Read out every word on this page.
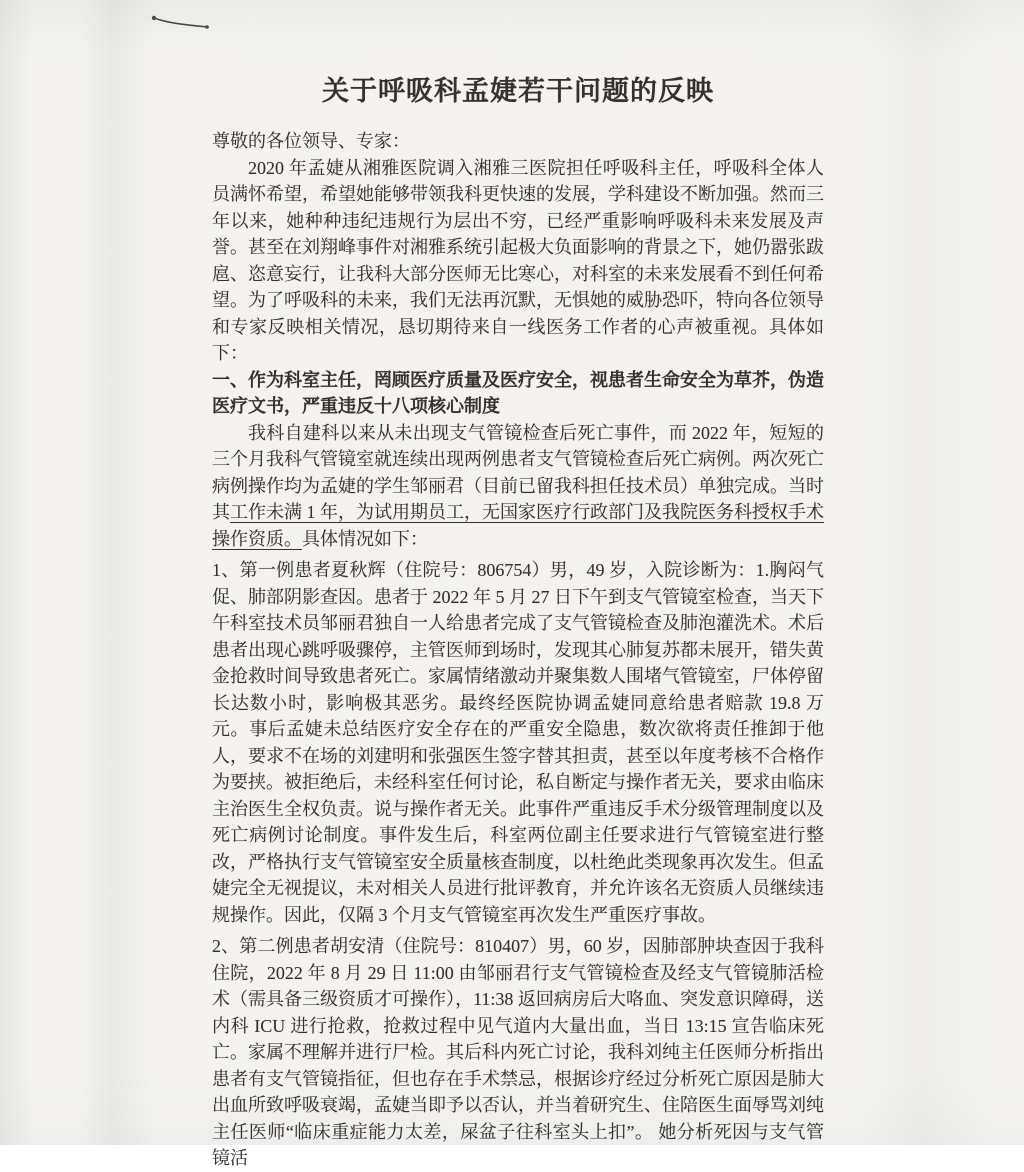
关于呼吸科孟婕若干问题的反映

尊敬的各位领导、专家：

2020 年孟婕从湘雅医院调入湘雅三医院担任呼吸科主任，呼吸科全体人员满怀希望，希望她能够带领我科更快速的发展，学科建设不断加强。然而三年以来，她种种违纪违规行为层出不穷，已经严重影响呼吸科未来发展及声誉。甚至在刘翔峰事件对湘雅系统引起极大负面影响的背景之下，她仍嚣张跋扈、恣意妄行，让我科大部分医师无比寒心，对科室的未来发展看不到任何希望。为了呼吸科的未来，我们无法再沉默，无惧她的威胁恐吓，特向各位领导和专家反映相关情况，恳切期待来自一线医务工作者的心声被重视。具体如下：

一、作为科室主任，罔顾医疗质量及医疗安全，视患者生命安全为草芥，伪造医疗文书，严重违反十八项核心制度

我科自建科以来从未出现支气管镜检查后死亡事件，而 2022 年，短短的三个月我科气管镜室就连续出现两例患者支气管镜检查后死亡病例。两次死亡病例操作均为孟婕的学生邹丽君（目前已留我科担任技术员）单独完成。当时其工作未满 1 年，为试用期员工，无国家医疗行政部门及我院医务科授权手术操作资质。具体情况如下：

1、第一例患者夏秋辉（住院号：806754）男，49 岁，入院诊断为：1.胸闷气促、肺部阴影查因。患者于 2022 年 5 月 27 日下午到支气管镜室检查，当天下午科室技术员邹丽君独自一人给患者完成了支气管镜检查及肺泡灌洗术。术后患者出现心跳呼吸骤停，主管医师到场时，发现其心肺复苏都未展开，错失黄金抢救时间导致患者死亡。家属情绪激动并聚集数人围堵气管镜室，尸体停留长达数小时，影响极其恶劣。最终经医院协调孟婕同意给患者赔款 19.8 万元。事后孟婕未总结医疗安全存在的严重安全隐患，数次欲将责任推卸于他人，要求不在场的刘建明和张强医生签字替其担责，甚至以年度考核不合格作为要挟。被拒绝后，未经科室任何讨论，私自断定与操作者无关，要求由临床主治医生全权负责。说与操作者无关。此事件严重违反手术分级管理制度以及死亡病例讨论制度。事件发生后，科室两位副主任要求进行气管镜室进行整改，严格执行支气管镜室安全质量核查制度，以杜绝此类现象再次发生。但孟婕完全无视提议，未对相关人员进行批评教育，并允许该名无资质人员继续违规操作。因此，仅隔 3 个月支气管镜室再次发生严重医疗事故。

2、第二例患者胡安清（住院号：810407）男，60 岁，因肺部肿块查因于我科住院，2022 年 8 月 29 日 11:00 由邹丽君行支气管镜检查及经支气管镜肺活检术（需具备三级资质才可操作），11:38 返回病房后大咯血、突发意识障碍，送内科 ICU 进行抢救，抢救过程中见气道内大量出血，当日 13:15 宣告临床死亡。家属不理解并进行尸检。其后科内死亡讨论，我科刘纯主任医师分析指出患者有支气管镜指征，但也存在手术禁忌，根据诊疗经过分析死亡原因是肺大出血所致呼吸衰竭，孟婕当即予以否认，并当着研究生、住陪医生面辱骂刘纯主任医师“临床重症能力太差，屎盆子往科室头上扣”。 她分析死因与支气管镜活
